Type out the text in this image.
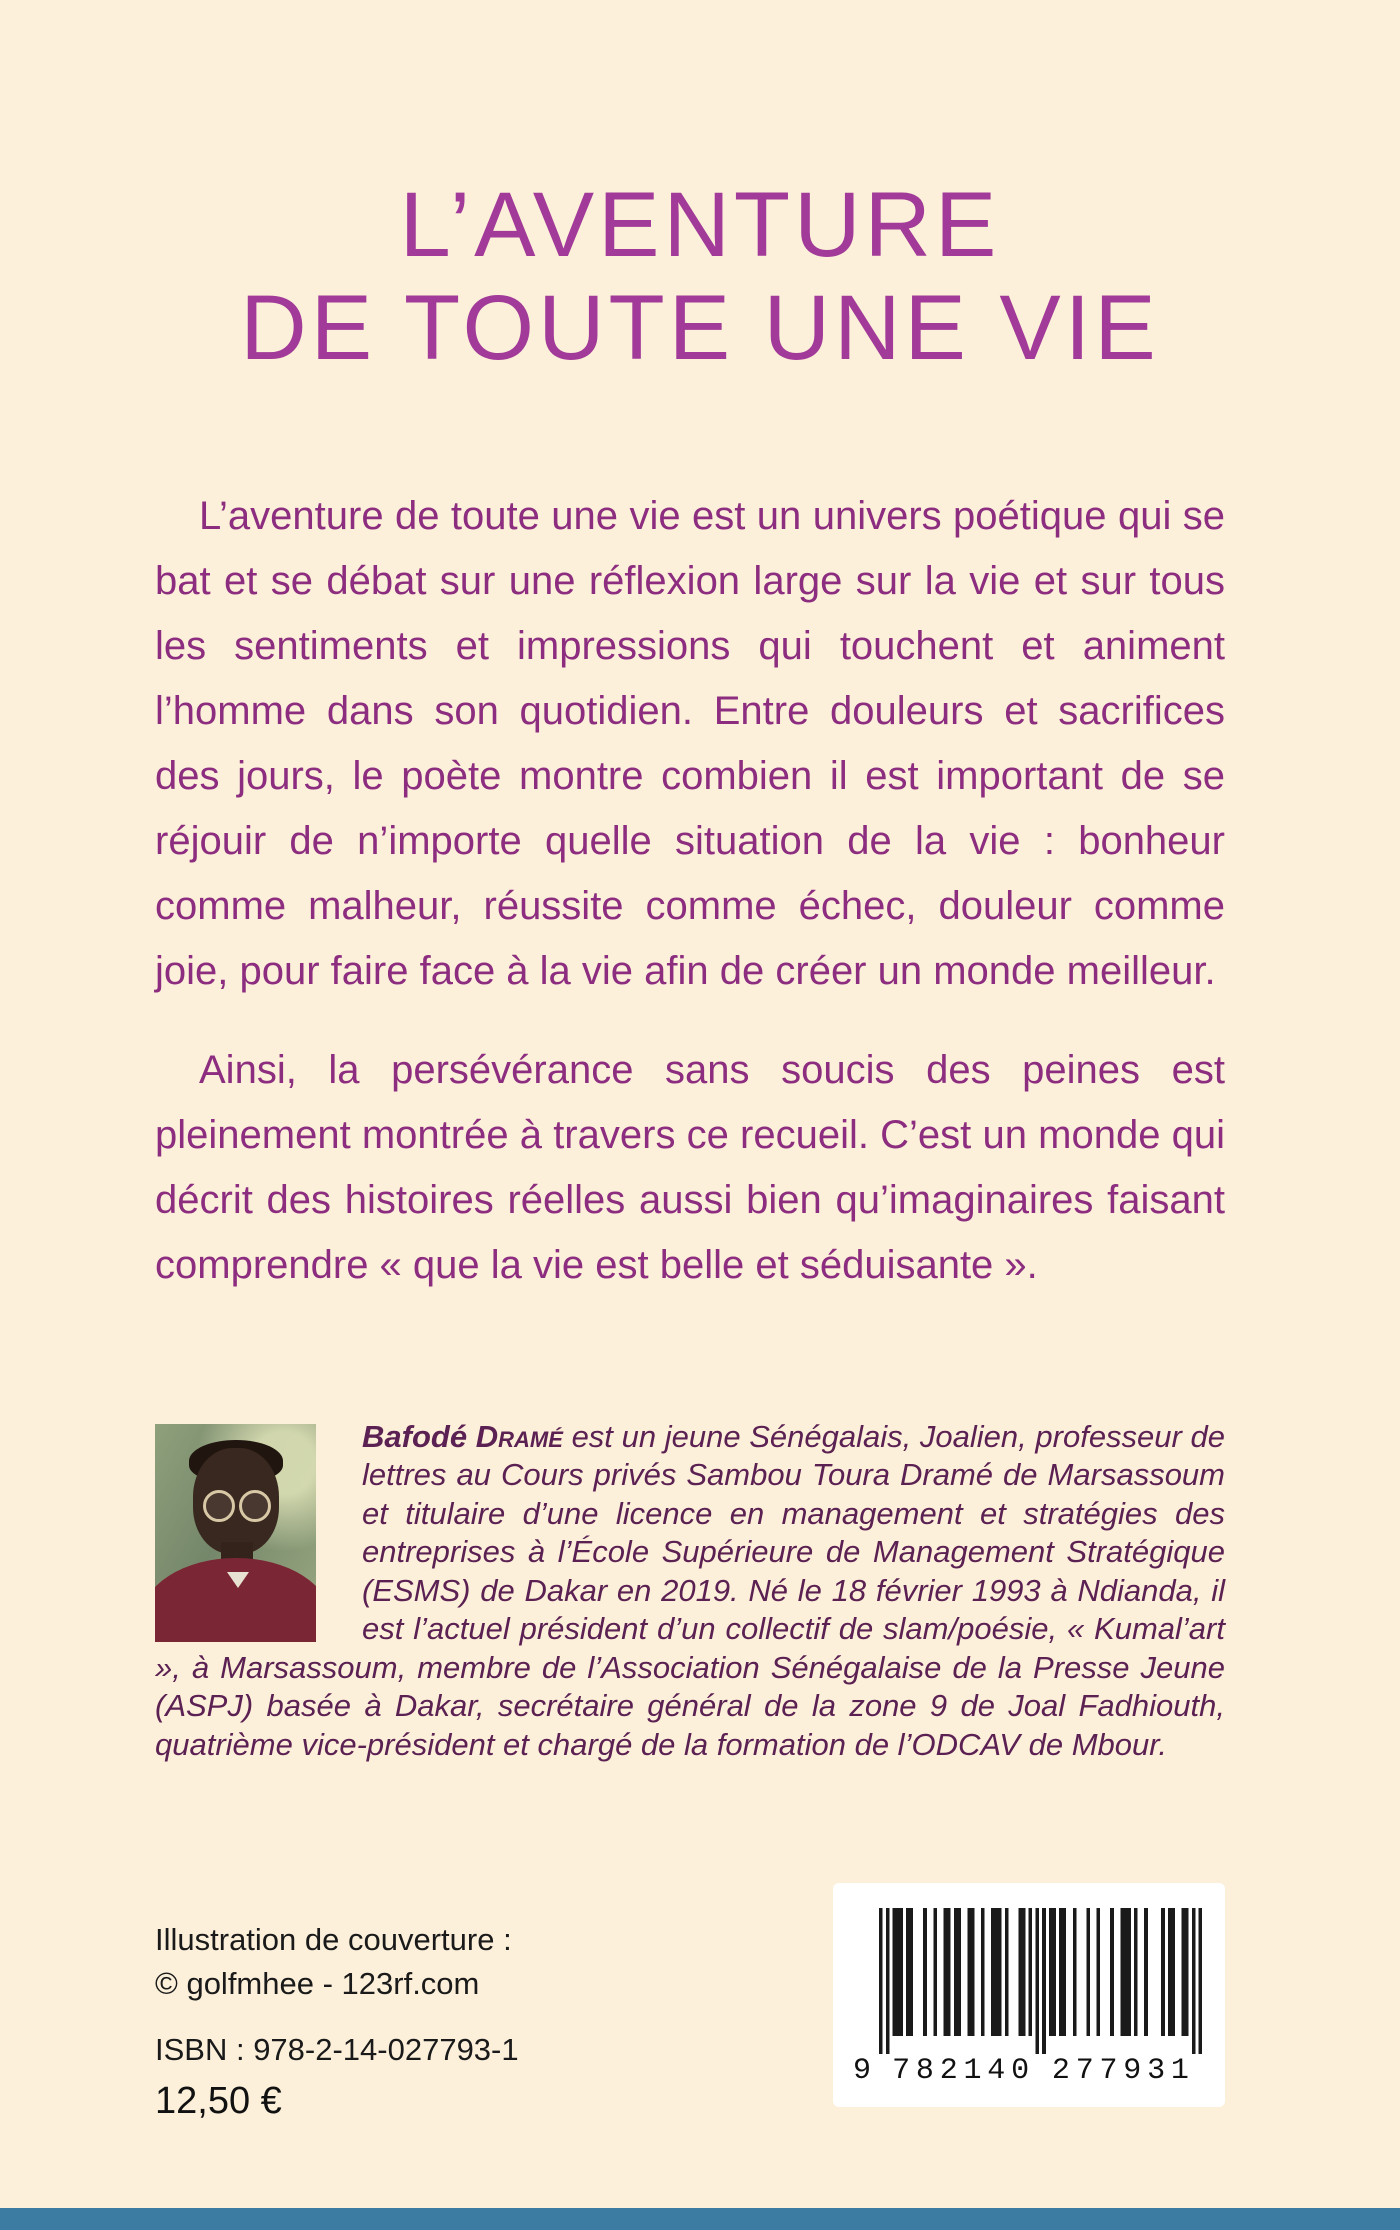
L’AVENTURE
DE TOUTE UNE VIE

L’aventure de toute une vie est un univers poétique qui se bat et se débat sur une réflexion large sur la vie et sur tous les sentiments et impressions qui touchent et animent l’homme dans son quotidien. Entre douleurs et sacrifices des jours, le poète montre combien il est important de se réjouir de n’importe quelle situation de la vie : bonheur comme malheur, réussite comme échec, douleur comme joie, pour faire face à la vie afin de créer un monde meilleur.

Ainsi, la persévérance sans soucis des peines est pleinement montrée à travers ce recueil. C’est un monde qui décrit des histoires réelles aussi bien qu’imaginaires faisant comprendre « que la vie est belle et séduisante ».

Bafodé Dramé est un jeune Sénégalais, Joalien, professeur de lettres au Cours privés Sambou Toura Dramé de Marsassoum et titulaire d’une licence en management et stratégies des entreprises à l’École Supérieure de Management Stratégique (ESMS) de Dakar en 2019. Né le 18 février 1993 à Ndianda, il est l’actuel président d’un collectif de slam/poésie, « Kumal’art », à Marsassoum, membre de l’Association Sénégalaise de la Presse Jeune (ASPJ) basée à Dakar, secrétaire général de la zone 9 de Joal Fadhiouth, quatrième vice-président et chargé de la formation de l’ODCAV de Mbour.
Illustration de couverture :
© golfmhee - 123rf.com
ISBN : 978-2-14-027793-1
12,50 €
9 7 8 2 1 4 0 2 7 7 9 3 1
